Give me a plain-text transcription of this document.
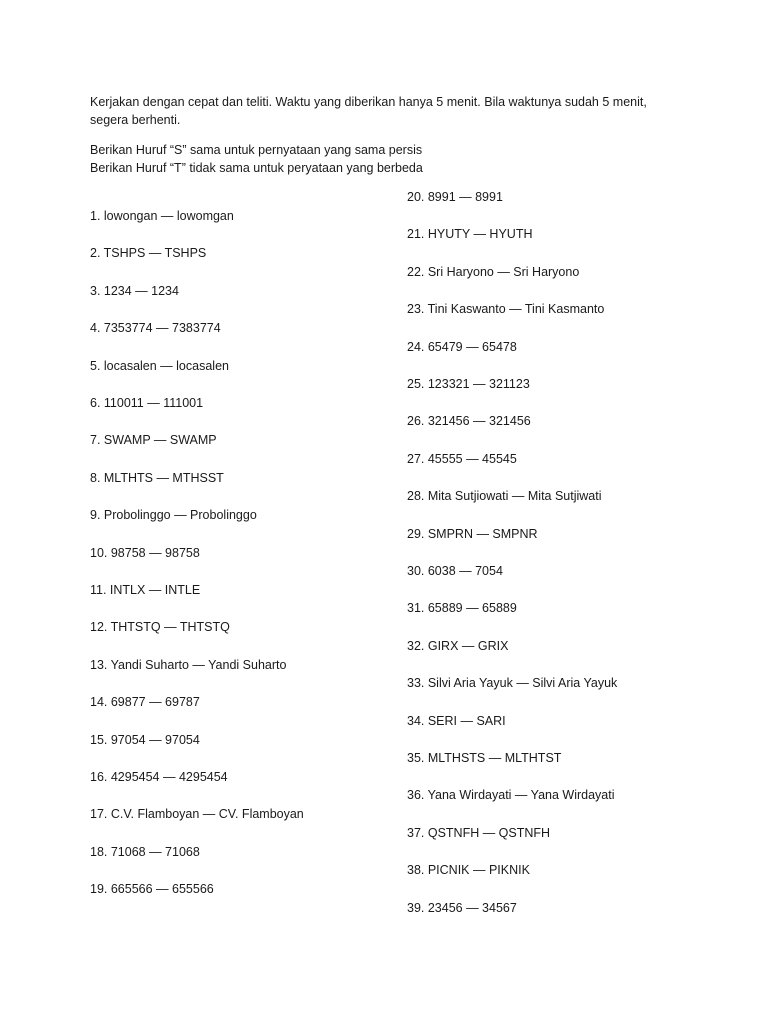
Kerjakan dengan cepat dan teliti. Waktu yang diberikan hanya 5 menit. Bila waktunya sudah 5 menit, segera berhenti.

Berikan Huruf “S” sama untuk pernyataan yang sama persis

Berikan Huruf “T” tidak sama untuk peryataan yang berbeda

1. lowongan — lowomgan
2. TSHPS — TSHPS
3. 1234 — 1234
4. 7353774 — 7383774
5. locasalen — locasalen
6. 110011 — 111001
7. SWAMP — SWAMP
8. MLTHTS — MTHSST
9. Probolinggo — Probolinggo
10. 98758 — 98758
11. INTLX — INTLE
12. THTSTQ — THTSTQ
13. Yandi Suharto — Yandi Suharto
14. 69877 — 69787
15. 97054 — 97054
16. 4295454 — 4295454
17. C.V. Flamboyan — CV. Flamboyan
18. 71068 — 71068
19. 665566 — 655566
20. 8991 — 8991
21. HYUTY — HYUTH
22. Sri Haryono — Sri Haryono
23. Tini Kaswanto — Tini Kasmanto
24. 65479 — 65478
25. 123321 — 321123
26. 321456 — 321456
27. 45555 — 45545
28. Mita Sutjiowati — Mita Sutjiwati
29. SMPRN — SMPNR
30. 6038 — 7054
31. 65889 — 65889
32. GIRX — GRIX
33. Silvi Aria Yayuk — Silvi Aria Yayuk
34. SERI — SARI
35. MLTHSTS — MLTHTST
36. Yana Wirdayati — Yana Wirdayati
37. QSTNFH — QSTNFH
38. PICNIK — PIKNIK
39. 23456 — 34567
